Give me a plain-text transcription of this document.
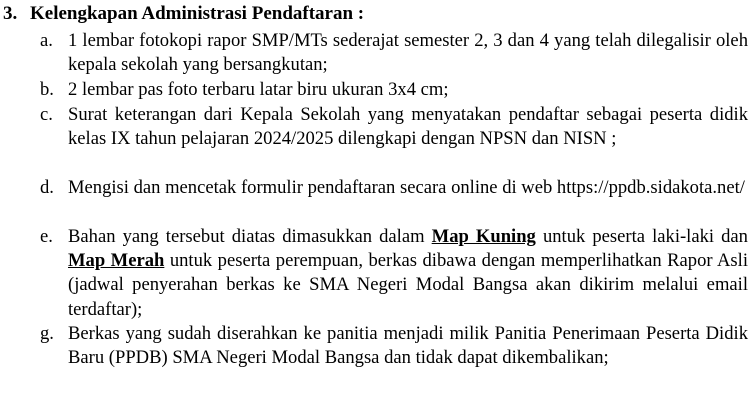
3. Kelengkapan Administrasi Pendaftaran :
a. 1 lembar fotokopi rapor SMP/MTs sederajat semester 2, 3 dan 4 yang telah dilegalisir oleh kepala sekolah yang bersangkutan;
b. 2 lembar pas foto terbaru latar biru ukuran 3x4 cm;
c. Surat keterangan dari Kepala Sekolah yang menyatakan pendaftar sebagai peserta didik kelas IX tahun pelajaran 2024/2025 dilengkapi dengan NPSN dan NISN ;
d. Mengisi dan mencetak formulir pendaftaran secara online di web https://ppdb.sidakota.net/
e. Bahan yang tersebut diatas dimasukkan dalam Map Kuning untuk peserta laki-laki dan Map Merah untuk peserta perempuan, berkas dibawa dengan memperlihatkan Rapor Asli (jadwal penyerahan berkas ke SMA Negeri Modal Bangsa akan dikirim melalui email terdaftar);
g. Berkas yang sudah diserahkan ke panitia menjadi milik Panitia Penerimaan Peserta Didik Baru (PPDB) SMA Negeri Modal Bangsa dan tidak dapat dikembalikan;
